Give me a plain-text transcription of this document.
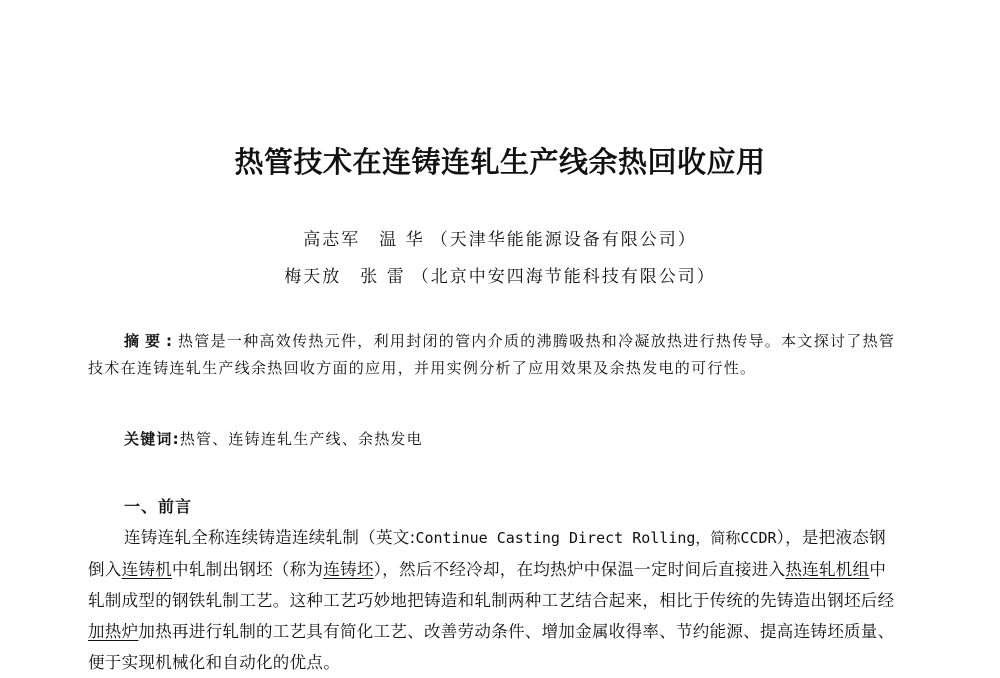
热管技术在连铸连轧生产线余热回收应用
高志军　温 华 （天津华能能源设备有限公司）
梅天放　张 雷 （北京中安四海节能科技有限公司）
摘要:热管是一种高效传热元件，利用封闭的管内介质的沸腾吸热和冷凝放热进行热传导。本文探讨了热管技术在连铸连轧生产线余热回收方面的应用，并用实例分析了应用效果及余热发电的可行性。
关键词:热管、连铸连轧生产线、余热发电
一、前言
连铸连轧全称连续铸造连续轧制（英文:Continue Casting Direct Rolling，简称CCDR），是把液态钢倒入连铸机中轧制出钢坯（称为连铸坯），然后不经冷却，在均热炉中保温一定时间后直接进入热连轧机组中轧制成型的钢铁轧制工艺。这种工艺巧妙地把铸造和轧制两种工艺结合起来，相比于传统的先铸造出钢坯后经加热炉加热再进行轧制的工艺具有简化工艺、改善劳动条件、增加金属收得率、节约能源、提高连铸坯质量、便于实现机械化和自动化的优点。
